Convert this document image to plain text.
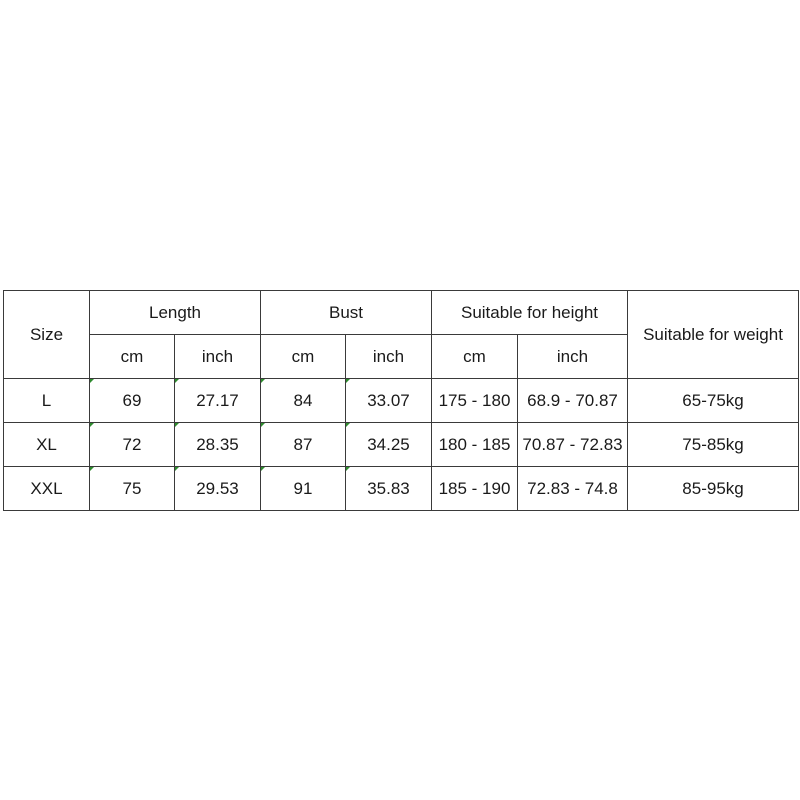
Size	Length		Bust		Suitable for height		Suitable for weight
	cm	inch	cm	inch	cm	inch	
L	69	27.17	84	33.07	175 - 180	68.9 - 70.87	65-75kg
XL	72	28.35	87	34.25	180 - 185	70.87 - 72.83	75-85kg
XXL	75	29.53	91	35.83	185 - 190	72.83 - 74.8	85-95kg
